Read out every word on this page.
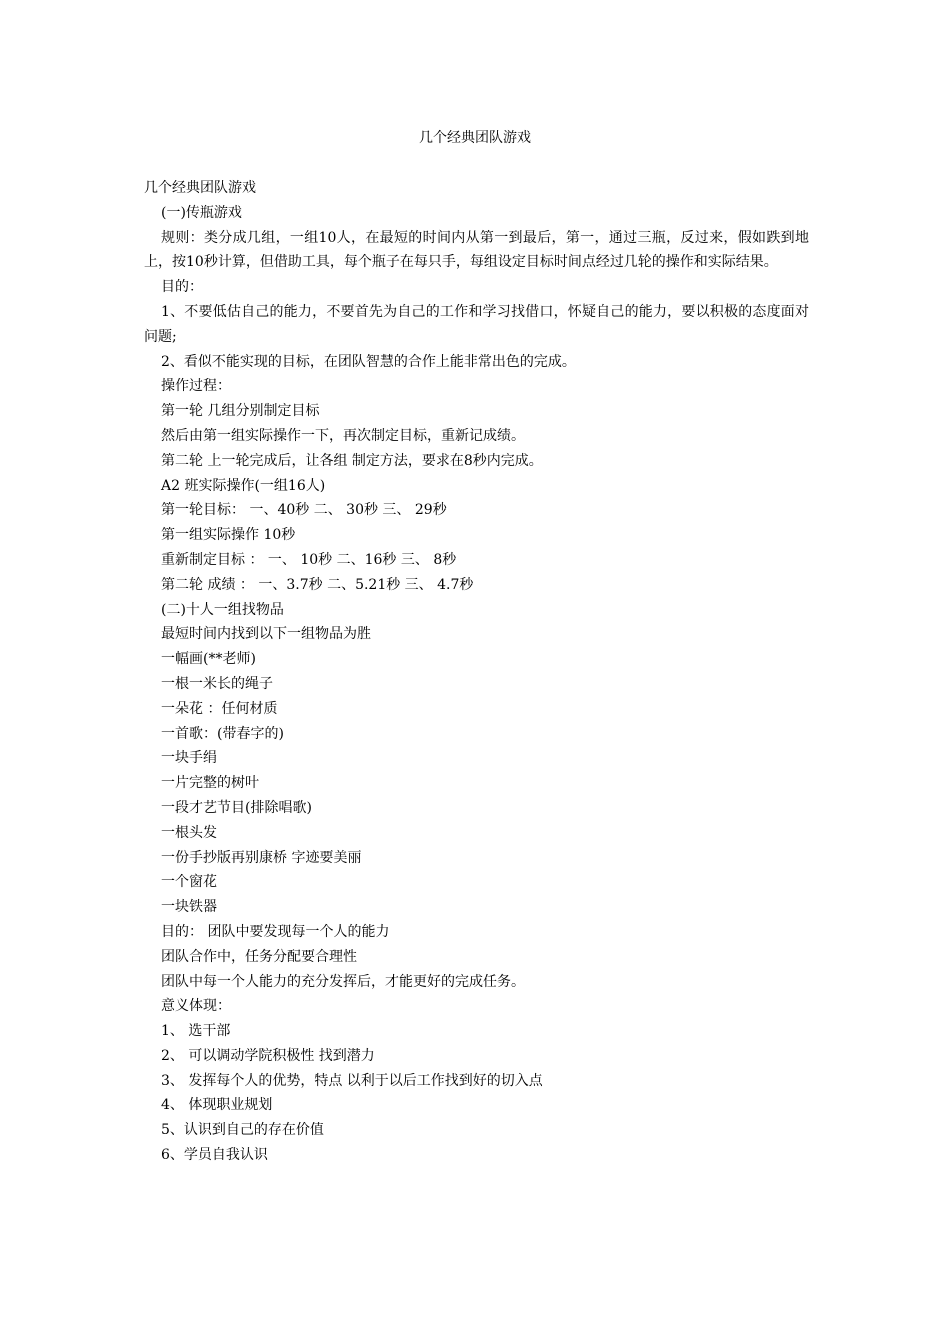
几个经典团队游戏

几个经典团队游戏

(一)传瓶游戏

规则：类分成几组，一组10人，在最短的时间内从第一到最后，第一，通过三瓶，反过来，假如跌到地上，按10秒计算，但借助工具，每个瓶子在每只手，每组设定目标时间点经过几轮的操作和实际结果。

目的：

1、不要低估自己的能力，不要首先为自己的工作和学习找借口，怀疑自己的能力，要以积极的态度面对问题;

2、看似不能实现的目标，在团队智慧的合作上能非常出色的完成。

操作过程：

第一轮 几组分别制定目标

然后由第一组实际操作一下，再次制定目标，重新记成绩。

第二轮 上一轮完成后，让各组 制定方法，要求在8秒内完成。

A2 班实际操作(一组16人)

第一轮目标： 一、40秒 二、 30秒 三、 29秒

第一组实际操作 10秒

重新制定目标 ： 一、 10秒 二、16秒 三、 8秒

第二轮 成绩 ： 一、3.7秒 二、5.21秒 三、 4.7秒

(二)十人一组找物品

最短时间内找到以下一组物品为胜

一幅画(**老师)

一根一米长的绳子

一朵花 ：任何材质

一首歌：(带春字的)

一块手绢

一片完整的树叶

一段才艺节目(排除唱歌)

一根头发

一份手抄版再别康桥 字迹要美丽

一个窗花

一块铁器

目的： 团队中要发现每一个人的能力

团队合作中，任务分配要合理性

团队中每一个人能力的充分发挥后，才能更好的完成任务。

意义体现：

1、 选干部

2、 可以调动学院积极性 找到潜力

3、 发挥每个人的优势，特点 以利于以后工作找到好的切入点

4、 体现职业规划

5、认识到自己的存在价值

6、学员自我认识
